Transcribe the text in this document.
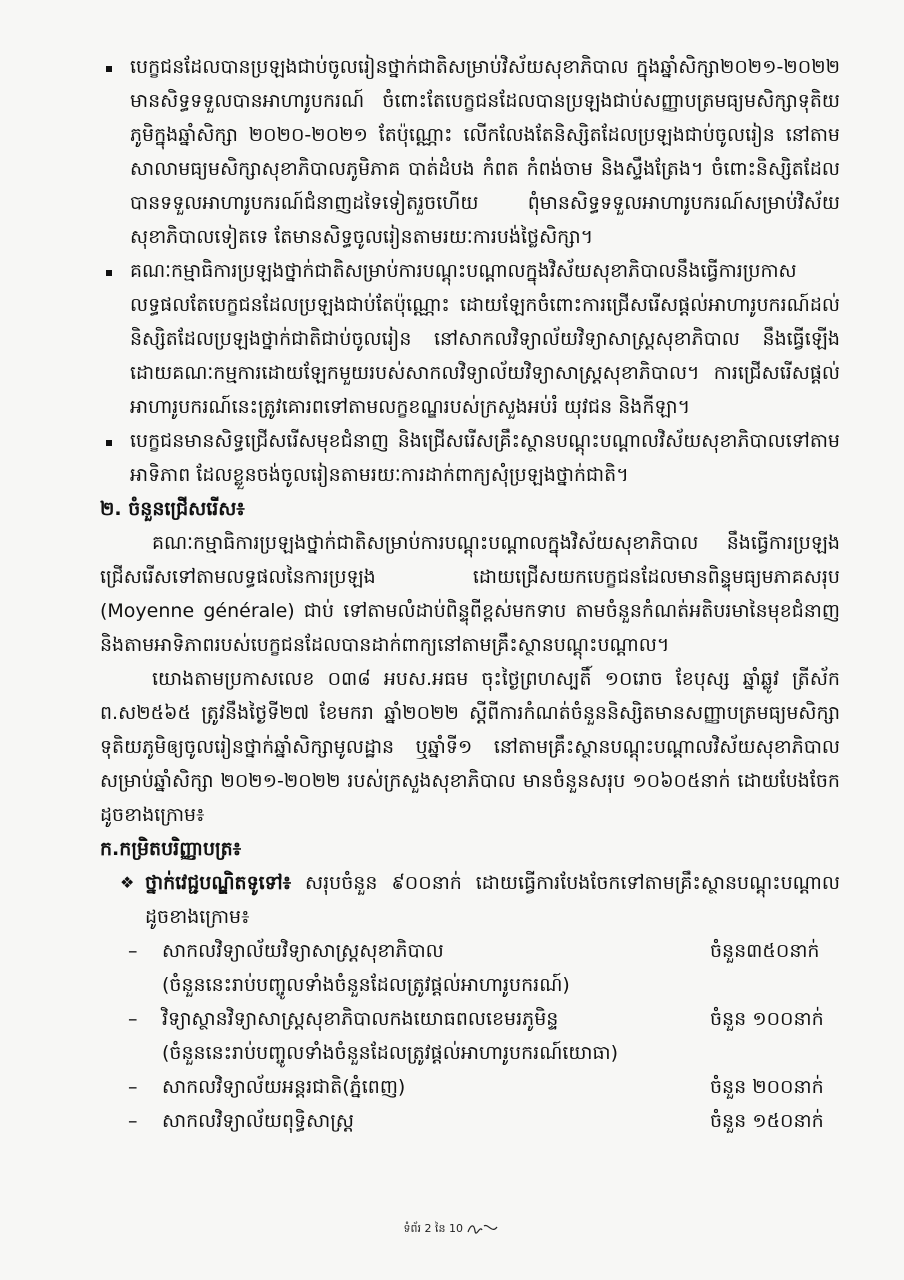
បេក្ខជនដែលបានប្រឡងជាប់ចូលរៀនថ្នាក់ជាតិសម្រាប់វិស័យសុខាភិបាល ក្នុងឆ្នាំសិក្សា២០២១-២០២២ មានសិទ្ធទទួលបានអាហារូបករណ៍ ចំពោះតែបេក្ខជនដែលបានប្រឡងជាប់សញ្ញាបត្រមធ្យមសិក្សាទុតិយភូមិក្នុងឆ្នាំសិក្សា ២០២០-២០២១ តែប៉ុណ្ណោះ លើកលែងតែនិស្សិតដែលប្រឡងជាប់ចូលរៀន នៅតាមសាលាមធ្យមសិក្សាសុខាភិបាលភូមិភាគ បាត់ដំបង កំពត កំពង់ចាម និងស្ទឹងត្រែង។ ចំពោះនិស្សិតដែលបានទទួលអាហារូបករណ៍ជំនាញដទៃទៀតរួចហើយ ពុំមានសិទ្ធទទួលអាហារូបករណ៍សម្រាប់វិស័យសុខាភិបាលទៀតទេ តែមានសិទ្ធចូលរៀនតាមរយៈការបង់ថ្លៃសិក្សា។

គណៈកម្មាធិការប្រឡងថ្នាក់ជាតិសម្រាប់ការបណ្តុះបណ្តាលក្នុងវិស័យសុខាភិបាលនឹងធ្វើការប្រកាសលទ្ធផលតែបេក្ខជនដែលប្រឡងជាប់តែប៉ុណ្ណោះ ដោយឡែកចំពោះការជ្រើសរើសផ្តល់អាហារូបករណ៍ដល់និស្សិតដែលប្រឡងថ្នាក់ជាតិជាប់ចូលរៀន នៅសាកលវិទ្យាល័យវិទ្យាសាស្ត្រសុខាភិបាល នឹងធ្វើឡើងដោយគណៈកម្មការដោយឡែកមួយរបស់សាកលវិទ្យាល័យវិទ្យាសាស្ត្រសុខាភិបាល។ ការជ្រើសរើសផ្តល់អាហារូបករណ៍នេះត្រូវគោរពទៅតាមលក្ខខណ្ឌរបស់ក្រសួងអប់រំ យុវជន និងកីឡា។

បេក្ខជនមានសិទ្ធជ្រើសរើសមុខជំនាញ និងជ្រើសរើសគ្រឹះស្ថានបណ្តុះបណ្តាលវិស័យសុខាភិបាលទៅតាមអាទិភាព ដែលខ្លួនចង់ចូលរៀនតាមរយៈការដាក់ពាក្យសុំប្រឡងថ្នាក់ជាតិ។

២. ចំនួនជ្រើសរើស៖

គណៈកម្មាធិការប្រឡងថ្នាក់ជាតិសម្រាប់ការបណ្តុះបណ្តាលក្នុងវិស័យសុខាភិបាល នឹងធ្វើការប្រឡងជ្រើសរើសទៅតាមលទ្ធផលនៃការប្រឡង ដោយជ្រើសយកបេក្ខជនដែលមានពិន្ទុមធ្យមភាគសរុប (Moyenne générale) ជាប់ ទៅតាមលំដាប់ពិន្ទុពីខ្ពស់មកទាប តាមចំនួនកំណត់អតិបរមានៃមុខជំនាញ និងតាមអាទិភាពរបស់បេក្ខជនដែលបានដាក់ពាក្យនៅតាមគ្រឹះស្ថានបណ្តុះបណ្តាល។

យោងតាមប្រកាសលេខ ០៣៨ អបស.អធម ចុះថ្ងៃព្រហស្បតិ៍ ១០រោច ខែបុស្ស ឆ្នាំឆ្លូវ ត្រីស័ក ព.ស២៥៦៥ ត្រូវនឹងថ្ងៃទី២៧ ខែមករា ឆ្នាំ២០២២ ស្តីពីការកំណត់ចំនួននិស្សិតមានសញ្ញាបត្រមធ្យមសិក្សាទុតិយភូមិឲ្យចូលរៀនថ្នាក់ឆ្នាំសិក្សាមូលដ្ឋាន ឬឆ្នាំទី១ នៅតាមគ្រឹះស្ថានបណ្តុះបណ្តាលវិស័យសុខាភិបាល សម្រាប់ឆ្នាំសិក្សា ២០២១-២០២២ របស់ក្រសួងសុខាភិបាល មានចំនួនសរុប ១០៦០៥នាក់ ដោយបែងចែកដូចខាងក្រោម៖

ក.កម្រិតបរិញ្ញាបត្រ៖

❖ ថ្នាក់វេជ្ជបណ្ឌិតទូទៅ៖ សរុបចំនួន ៩០០នាក់ ដោយធ្វើការបែងចែកទៅតាមគ្រឹះស្ថានបណ្តុះបណ្តាលដូចខាងក្រោម៖
–	សាកលវិទ្យាល័យវិទ្យាសាស្ត្រសុខាភិបាល	ចំនួន៣៥០នាក់
(ចំនួននេះរាប់បញ្ចូលទាំងចំនួនដែលត្រូវផ្តល់អាហារូបករណ៍)
–	វិទ្យាស្ថានវិទ្យាសាស្ត្រសុខាភិបាលកងយោធពលខេមរភូមិន្ទ	ចំនួន ១០០នាក់
(ចំនួននេះរាប់បញ្ចូលទាំងចំនួនដែលត្រូវផ្តល់អាហារូបករណ៍យោធា)
–	សាកលវិទ្យាល័យអន្តរជាតិ(ភ្នំពេញ)	ចំនួន ២០០នាក់
–	សាកលវិទ្យាល័យពុទ្ធិសាស្ត្រ	ចំនួន ១៥០នាក់
ទំព័រ 2 នៃ 10
